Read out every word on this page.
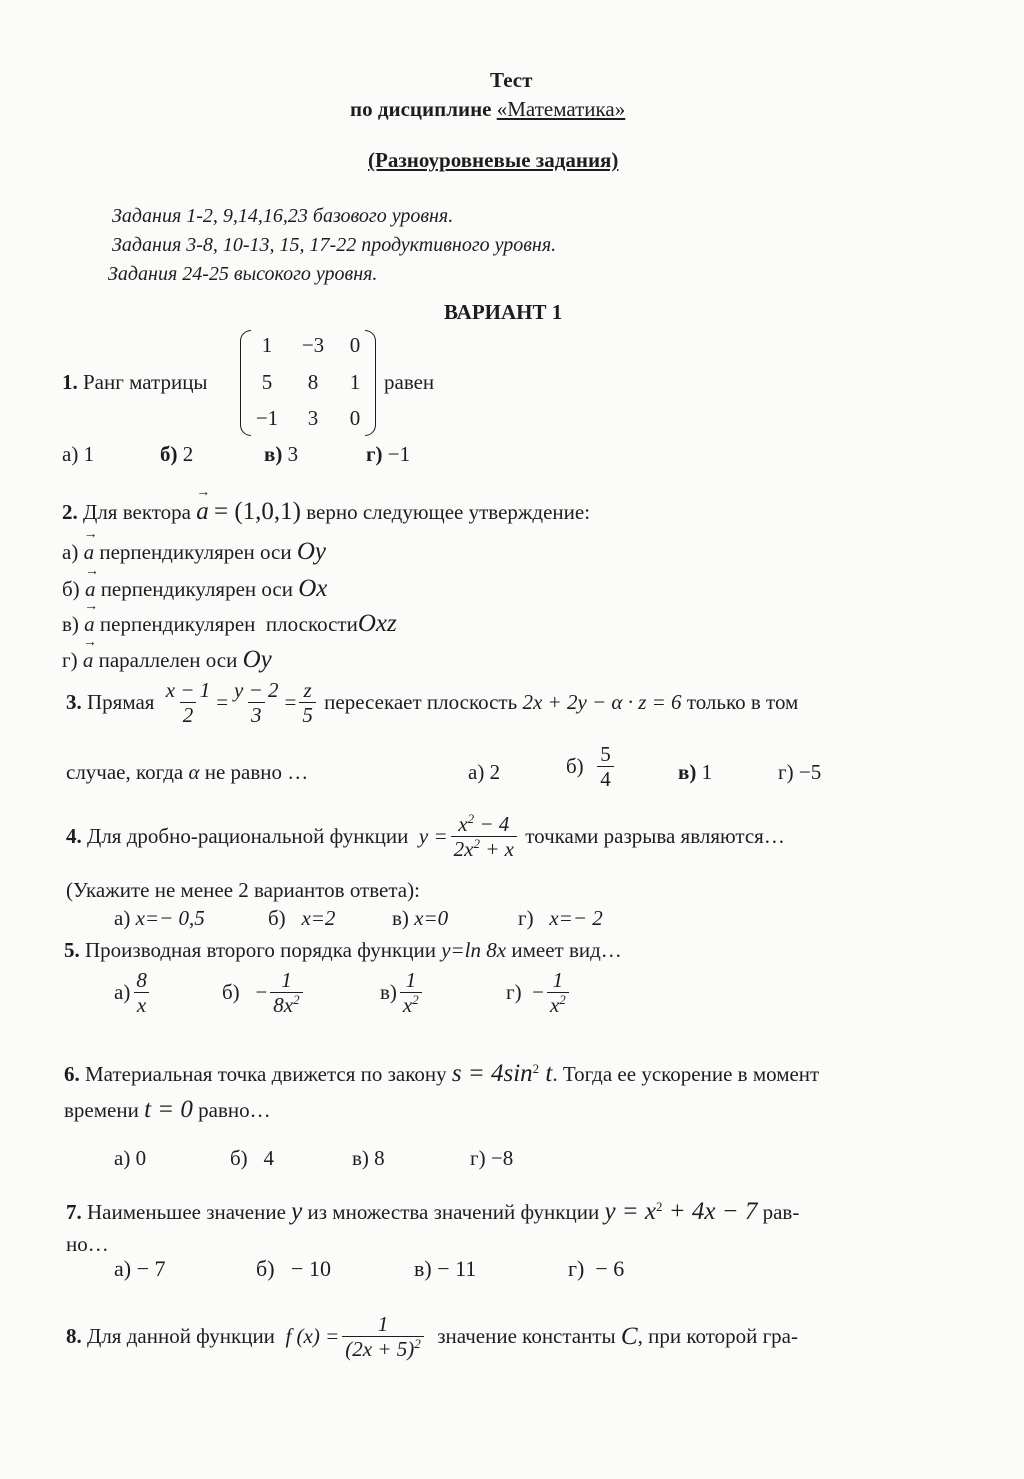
Тест
по дисциплине «Математика»
(Разноуровневые задания)
Задания 1-2, 9,14,16,23 базового уровня.
Задания 3-8, 10-13, 15, 17-22 продуктивного уровня.
Задания 24-25 высокого уровня.
ВАРИАНТ 1
1. Ранг матрицы
1	−3	0
5	8	1
−1	3	0
равен
а) 1	б) 2	в) 3	г) −1
2. Для вектора → a = (1,0,1) верно следующее утверждение:
а) → a перпендикулярен оси Oy
б) → a перпендикулярен оси Ox
в) → a перпендикулярен  плоскостиOxz
г) → a параллелен оси Oy
3.
Прямая
$\frac{x - 1}{2} = \frac{y - 2}{3} = \frac{z}{5}$
пересекает плоскость
2x + 2y − α · z = 6
только в том
случае, когда α не равно …	а) 2	б)
$\frac{5}{4}$	в) 1	г) −5
4.
Для дробно-рациональной функции
$y = \frac{x^2 - 4}{2x^2 + x}$
точками разрыва являются…
(Укажите не менее 2 вариантов ответа):
а) x=− 0,5	б) x=2	в) x=0	г) x=− 2
5. Производная второго порядка функции y=ln 8x имеет вид…
$а) \frac{8}{x}$	б)
− $\frac{1}{8x^2}$	$в) \frac{1}{x^2}$	г)
− $\frac{1}{x^2}$
6. Материальная точка движется по закону $s = 4\sin^2$ t. Тогда ее ускорение в момент
времени t = 0 равно…
а) 0	б) 4	в) 8	г) −8
7. Наименьшее значение y из множества значений функции $y = x^2 + 4x - 7$ рав-
но…
а) − 7	б) − 10	в) − 11	г) − 6
8.
Для данной функции
f $(x) = \frac{1}{(2x + 5)^2}$
значение константы
C , при которой гра-
